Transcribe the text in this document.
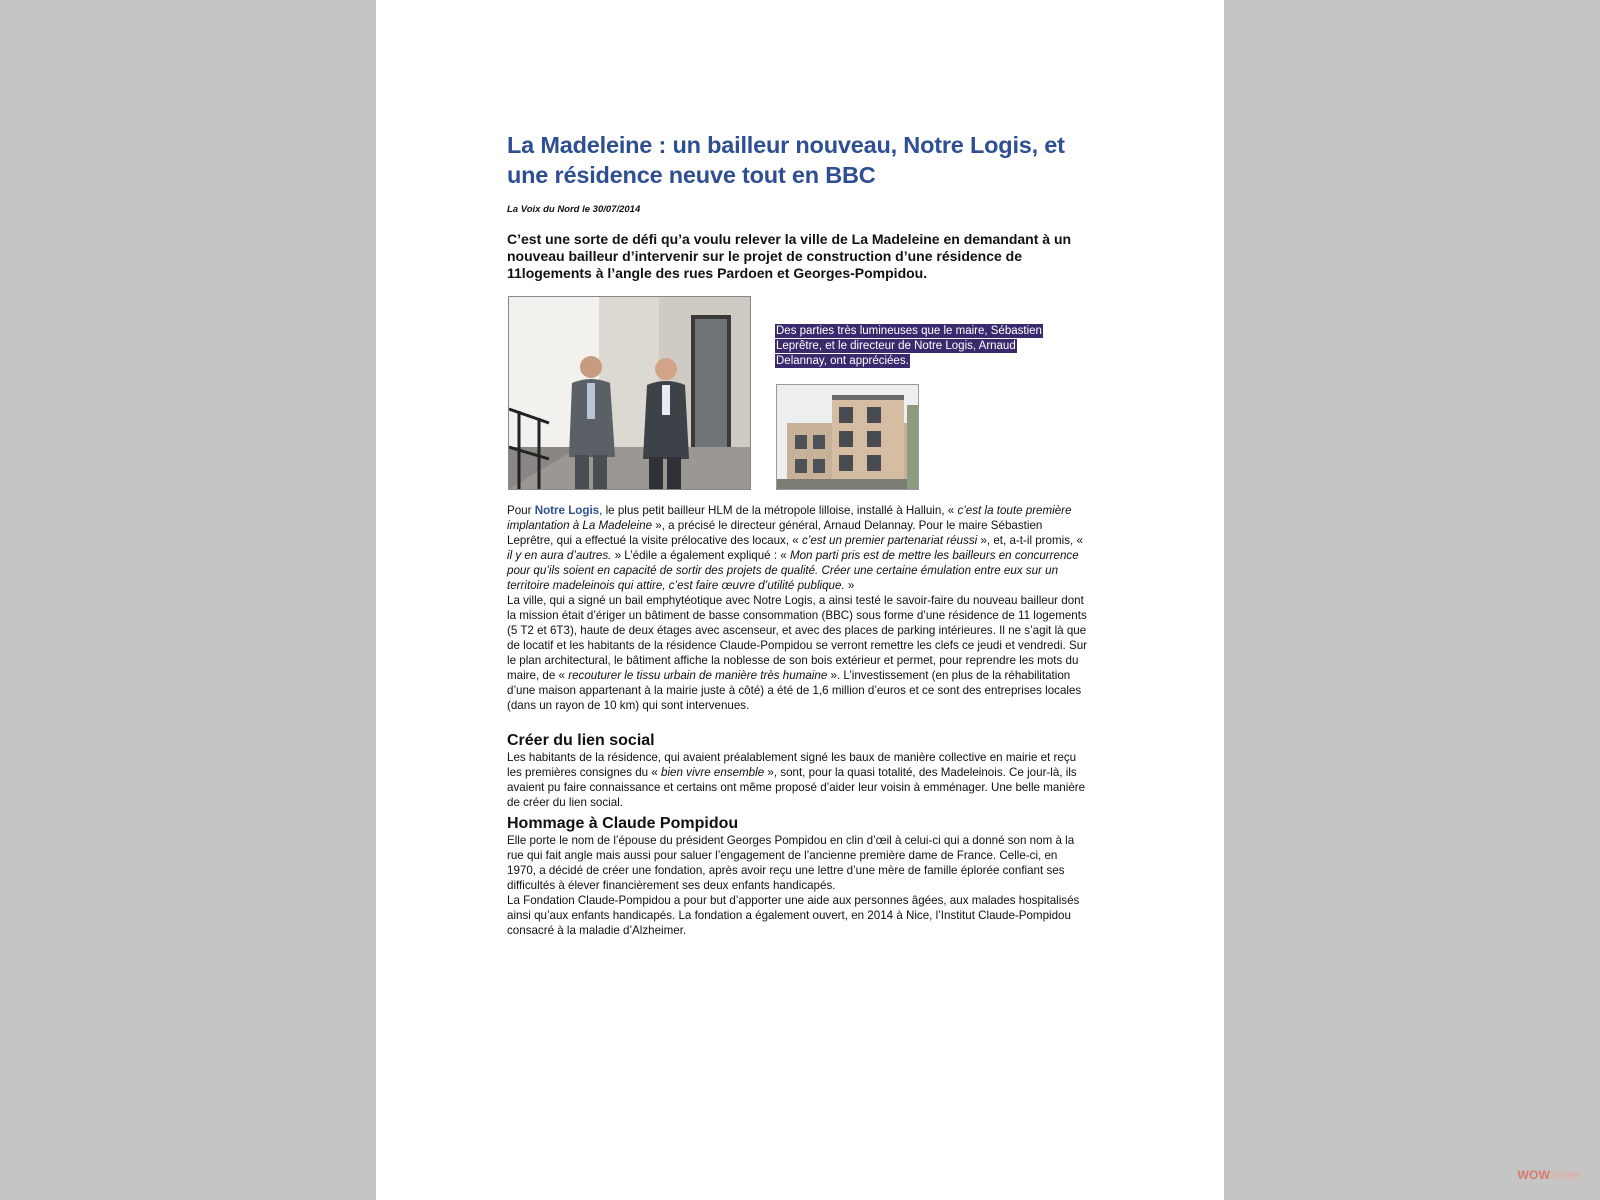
La Madeleine : un bailleur nouveau, Notre Logis, et une résidence neuve tout en BBC
La Voix du Nord le 30/07/2014
C’est une sorte de défi qu’a voulu relever la ville de La Madeleine en demandant à un nouveau bailleur d’intervenir sur le projet de construction d’une résidence de 11logements à l’angle des rues Pardoen et Georges-Pompidou.
Des parties très lumineuses que le maire, Sébastien Leprêtre, et le directeur de Notre Logis, Arnaud Delannay, ont appréciées.

Pour Notre Logis, le plus petit bailleur HLM de la métropole lilloise, installé à Halluin, « c’est la toute première implantation à La Madeleine », a précisé le directeur général, Arnaud Delannay. Pour le maire Sébastien Leprêtre, qui a effectué la visite prélocative des locaux, « c’est un premier partenariat réussi », et, a-t-il promis, « il y en aura d’autres. » L’édile a également expliqué : « Mon parti pris est de mettre les bailleurs en concurrence pour qu’ils soient en capacité de sortir des projets de qualité. Créer une certaine émulation entre eux sur un territoire madeleinois qui attire, c’est faire œuvre d’utilité publique. »

La ville, qui a signé un bail emphytéotique avec Notre Logis, a ainsi testé le savoir-faire du nouveau bailleur dont la mission était d’ériger un bâtiment de basse consommation (BBC) sous forme d’une résidence de 11 logements (5 T2 et 6T3), haute de deux étages avec ascenseur, et avec des places de parking intérieures. Il ne s’agit là que de locatif et les habitants de la résidence Claude-Pompidou se verront remettre les clefs ce jeudi et vendredi. Sur le plan architectural, le bâtiment affiche la noblesse de son bois extérieur et permet, pour reprendre les mots du maire, de « recouturer le tissu urbain de manière très humaine ». L’investissement (en plus de la réhabilitation d’une maison appartenant à la mairie juste à côté) a été de 1,6 million d’euros et ce sont des entreprises locales (dans un rayon de 10 km) qui sont intervenues.

Créer du lien social

Les habitants de la résidence, qui avaient préalablement signé les baux de manière collective en mairie et reçu les premières consignes du « bien vivre ensemble », sont, pour la quasi totalité, des Madeleinois. Ce jour-là, ils avaient pu faire connaissance et certains ont même proposé d’aider leur voisin à emménager. Une belle manière de créer du lien social.

Hommage à Claude Pompidou

Elle porte le nom de l’épouse du président Georges Pompidou en clin d’œil à celui-ci qui a donné son nom à la rue qui fait angle mais aussi pour saluer l’engagement de l’ancienne première dame de France. Celle-ci, en 1970, a décidé de créer une fondation, après avoir reçu une lettre d’une mère de famille éplorée confiant ses difficultés à élever financièrement ses deux enfants handicapés.

La Fondation Claude-Pompidou a pour but d’apporter une aide aux personnes âgées, aux malades hospitalisés ainsi qu’aux enfants handicapés. La fondation a également ouvert, en 2014 à Nice, l’Institut Claude-Pompidou consacré à la maladie d’Alzheimer.

WOWSlider
